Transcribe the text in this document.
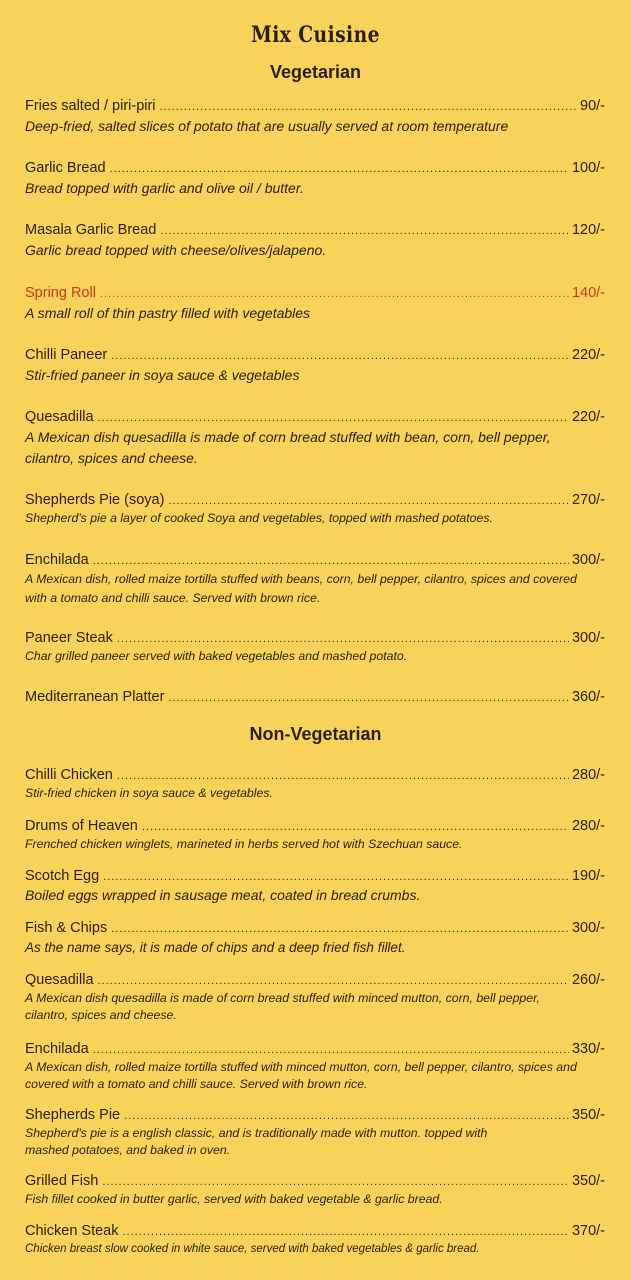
Mix Cuisine
Vegetarian
Fries salted / piri-piri .....	90/-
Deep-fried, salted slices of potato that are usually served at room temperature
Garlic Bread .....	100/-
Bread topped with garlic and olive oil / butter.
Masala Garlic Bread .....	120/-
Garlic bread topped with cheese/olives/jalapeno.
Spring Roll .....	140/-
A small roll of thin pastry filled with vegetables
Chilli Paneer .....	220/-
Stir-fried paneer in soya sauce & vegetables
Quesadilla .....	220/-
A Mexican dish quesadilla is made of corn bread stuffed with bean, corn, bell pepper, cilantro, spices and cheese.
Shepherds Pie (soya) .....	270/-
Shepherd's pie a layer of cooked Soya and vegetables, topped with mashed potatoes.
Enchilada .....	300/-
A Mexican dish, rolled maize tortilla stuffed with beans, corn, bell pepper, cilantro, spices and covered with a tomato and chilli sauce. Served with brown rice.
Paneer Steak .....	300/-
Char grilled paneer served with baked vegetables and mashed potato.
Mediterranean Platter .....	360/-
Non-Vegetarian
Chilli Chicken .....	280/-
Stir-fried chicken in soya sauce & vegetables.
Drums of Heaven .....	280/-
Frenched chicken winglets, marineted in herbs served hot with Szechuan sauce.
Scotch Egg .....	190/-
Boiled eggs wrapped in sausage meat, coated in bread crumbs.
Fish & Chips .....	300/-
As the name says, it is made of chips and a deep fried fish fillet.
Quesadilla .....	260/-
A Mexican dish quesadilla is made of corn bread stuffed with minced mutton, corn, bell pepper, cilantro, spices and cheese.
Enchilada .....	330/-
A Mexican dish, rolled maize tortilla stuffed with minced mutton, corn, bell pepper, cilantro, spices and covered with a tomato and chilli sauce. Served with brown rice.
Shepherds Pie .....	350/-
Shepherd's pie is a english classic, and is traditionally made with mutton. topped with mashed potatoes, and baked in oven.
Grilled Fish .....	350/-
Fish fillet cooked in butter garlic, served with baked vegetable & garlic bread.
Chicken Steak .....	370/-
Chicken breast slow cooked in white sauce, served with baked vegetables & garlic bread.
